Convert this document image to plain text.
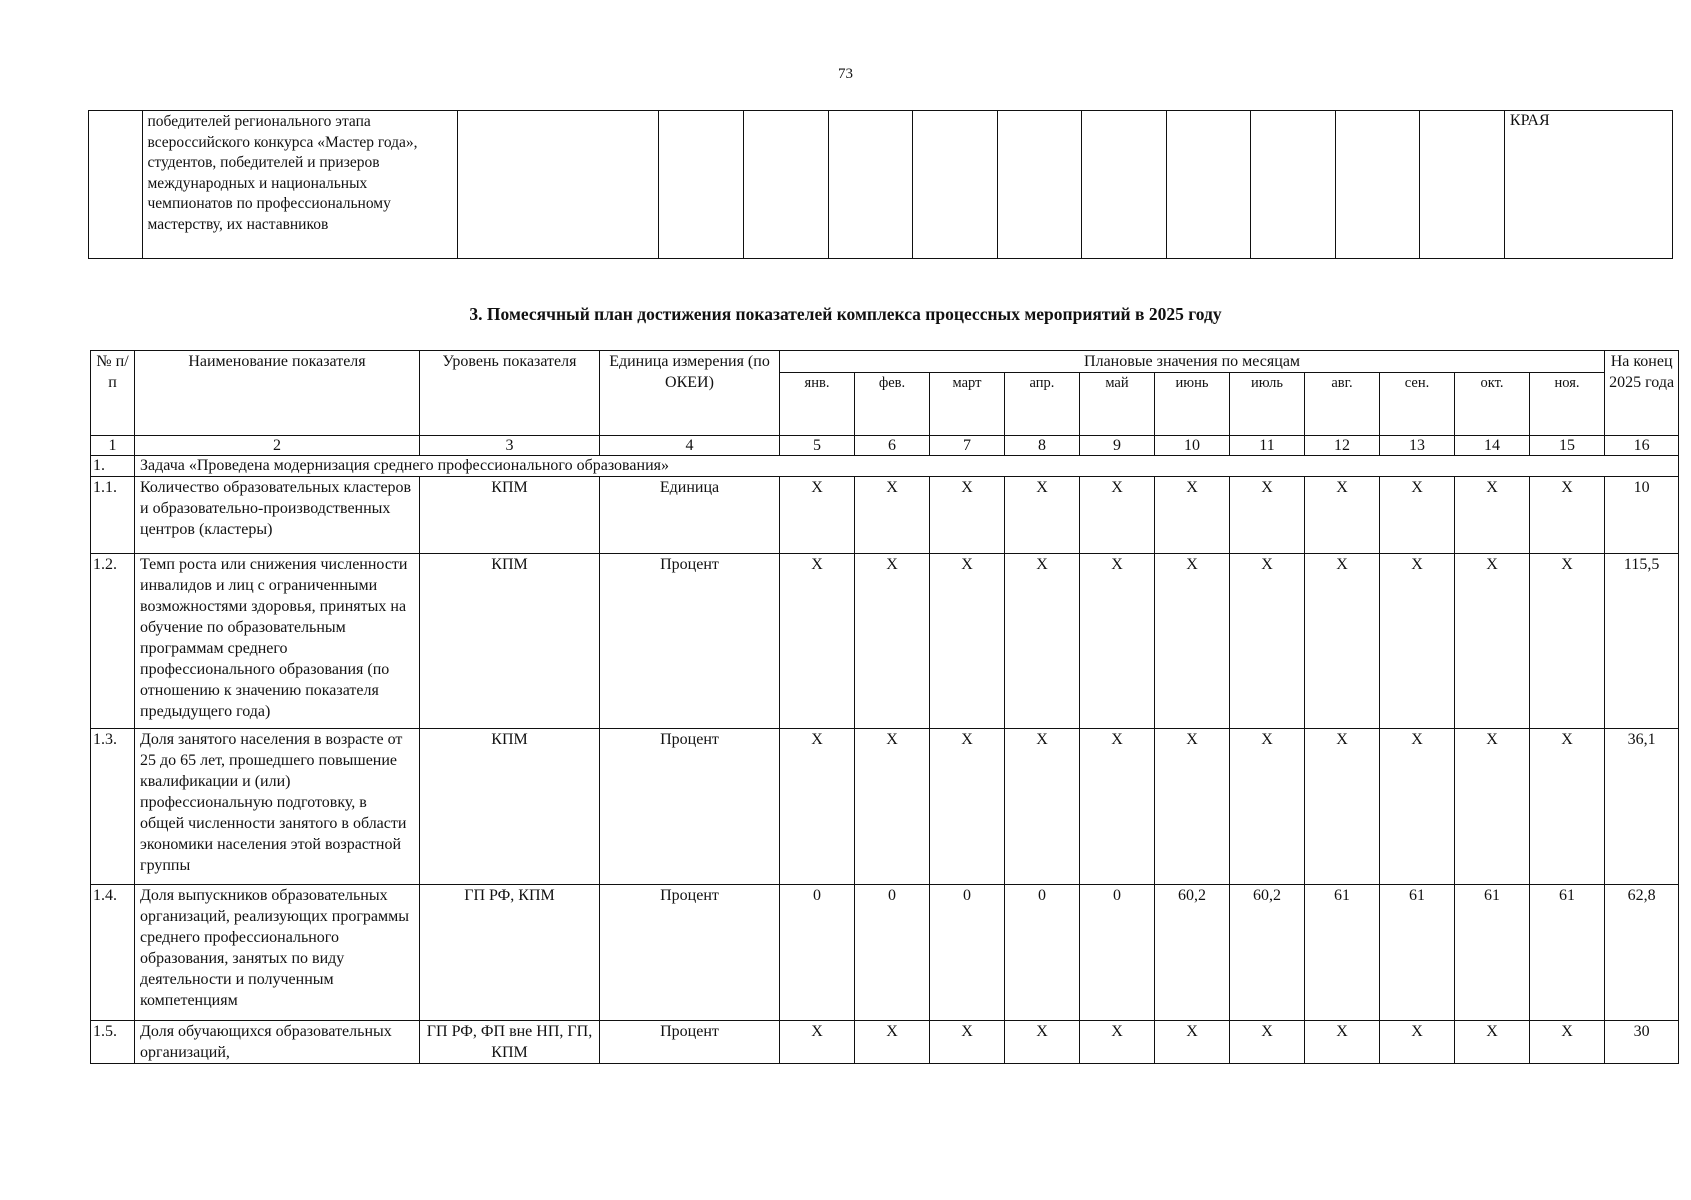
73
	победителей регионального этапа всероссийского конкурса «Мастер года», студентов, победителей и призеров международных и национальных чемпионатов по профессиональному мастерству, их наставников												КРАЯ
3. Помесячный план достижения показателей комплекса процессных мероприятий в 2025 году
№ п/п	Наименование показателя	Уровень показателя	Единица измерения (по ОКЕИ)	Плановые значения по месяцам											На конец 2025 года
				янв.	фев.	март	апр.	май	июнь	июль	авг.	сен.	окт.	ноя.	
1	2	3	4	5	6	7	8	9	10	11	12	13	14	15	16
1.	Задача «Проведена модернизация среднего профессионального образования»														
1.1.	Количество образовательных кластеров и образовательно-производственных центров (кластеры)	КПМ	Единица	X	X	X	X	X	X	X	X	X	X	X	10
1.2.	Темп роста или снижения численности инвалидов и лиц с ограниченными возможностями здоровья, принятых на обучение по образовательным программам среднего профессионального образования (по отношению к значению показателя предыдущего года)	КПМ	Процент	X	X	X	X	X	X	X	X	X	X	X	115,5
1.3.	Доля занятого населения в возрасте от 25 до 65 лет, прошедшего повышение квалификации и (или) профессиональную подготовку, в общей численности занятого в области экономики населения этой возрастной группы	КПМ	Процент	X	X	X	X	X	X	X	X	X	X	X	36,1
1.4.	Доля выпускников образовательных организаций, реализующих программы среднего профессионального образования, занятых по виду деятельности и полученным компетенциям	ГП РФ, КПМ	Процент	0	0	0	0	0	60,2	60,2	61	61	61	61	62,8
1.5.	Доля обучающихся образовательных организаций,	ГП РФ, ФП вне НП, ГП, КПМ	Процент	X	X	X	X	X	X	X	X	X	X	X	30
